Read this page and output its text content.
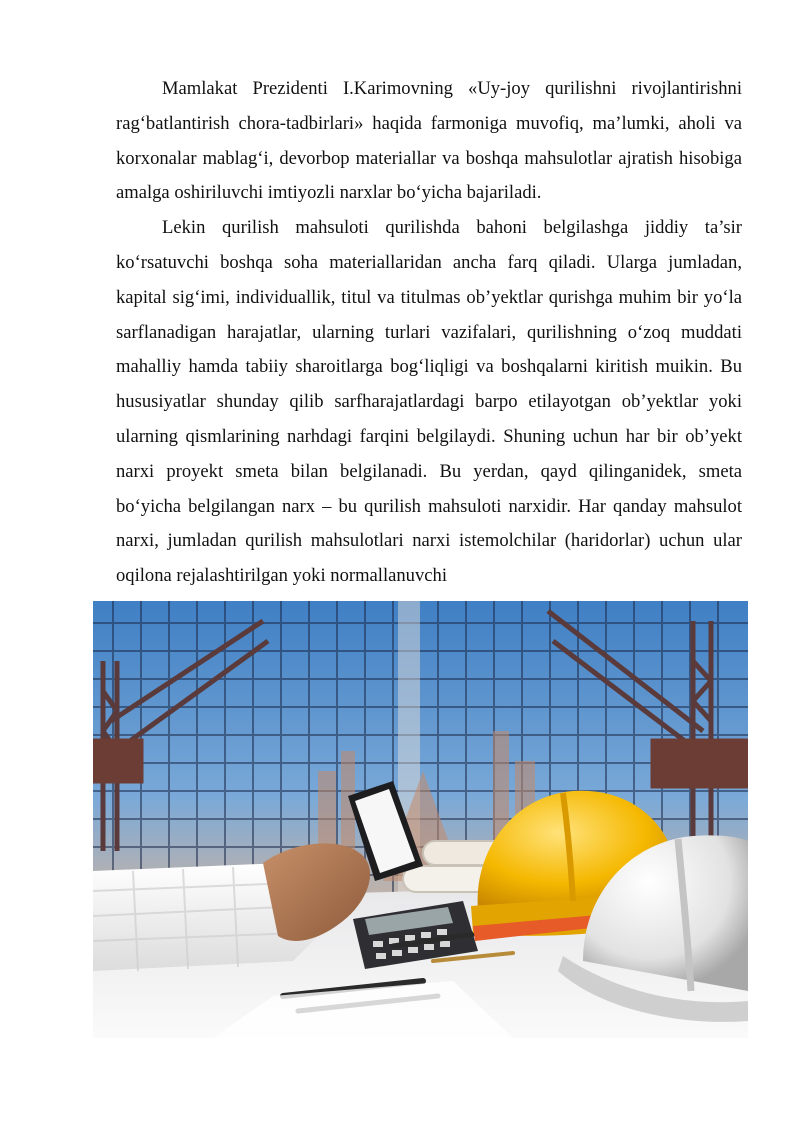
Mamlakat Prezidenti I.Karimovning «Uy-joy qurilishni rivojlantirishni rag‘batlantirish chora-tadbirlari» haqida farmoniga muvofiq, ma’lumki, aholi va korxonalar mablag‘i, devorbop materiallar va boshqa mahsulotlar ajratish hisobiga amalga oshiriluvchi imtiyozli narxlar bo‘yicha bajariladi.

Lekin qurilish mahsuloti qurilishda bahoni belgilashga jiddiy ta’sir ko‘rsatuvchi boshqa soha materiallaridan ancha farq qiladi. Ularga jumladan, kapital sig‘imi, individuallik, titul va titulmas ob’yektlar qurishga muhim bir yo‘la sarflanadigan harajatlar, ularning turlari vazifalari, qurilishning o‘zoq muddati mahalliy hamda tabiiy sharoitlarga bog‘liqligi va boshqalarni kiritish muikin. Bu hususiyatlar shunday qilib sarfharajatlardagi barpo etilayotgan ob’yektlar yoki ularning qismlarining narhdagi farqini belgilaydi. Shuning uchun har bir ob’yekt narxi proyekt smeta bilan belgilanadi. Bu yerdan, qayd qilinganidek, smeta bo‘yicha belgilangan narx – bu qurilish mahsuloti narxidir. Har qanday mahsulot narxi, jumladan qurilish mahsulotlari narxi istemolchilar (haridorlar) uchun ular oqilona rejalashtirilgan yoki normallanuvchi
